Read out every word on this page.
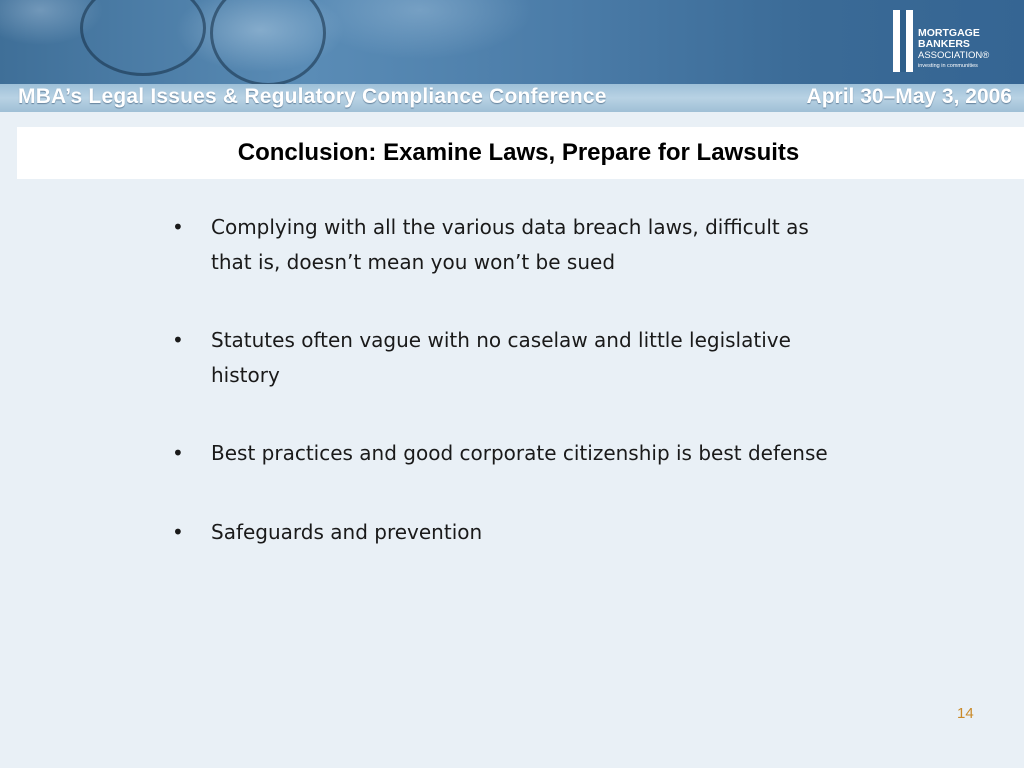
MORTGAGE
BANKERS
ASSOCIATION®
investing in communities
MBA’s Legal Issues & Regulatory Compliance Conference	April 30–May 3, 2006
Conclusion: Examine Laws, Prepare for Lawsuits
•	Complying with all the various data breach laws, difficult as that is, doesn’t mean you won’t be sued
•	Statutes often vague with no caselaw and little legislative history
•	Best practices and good corporate citizenship is best defense
•	Safeguards and prevention
14
